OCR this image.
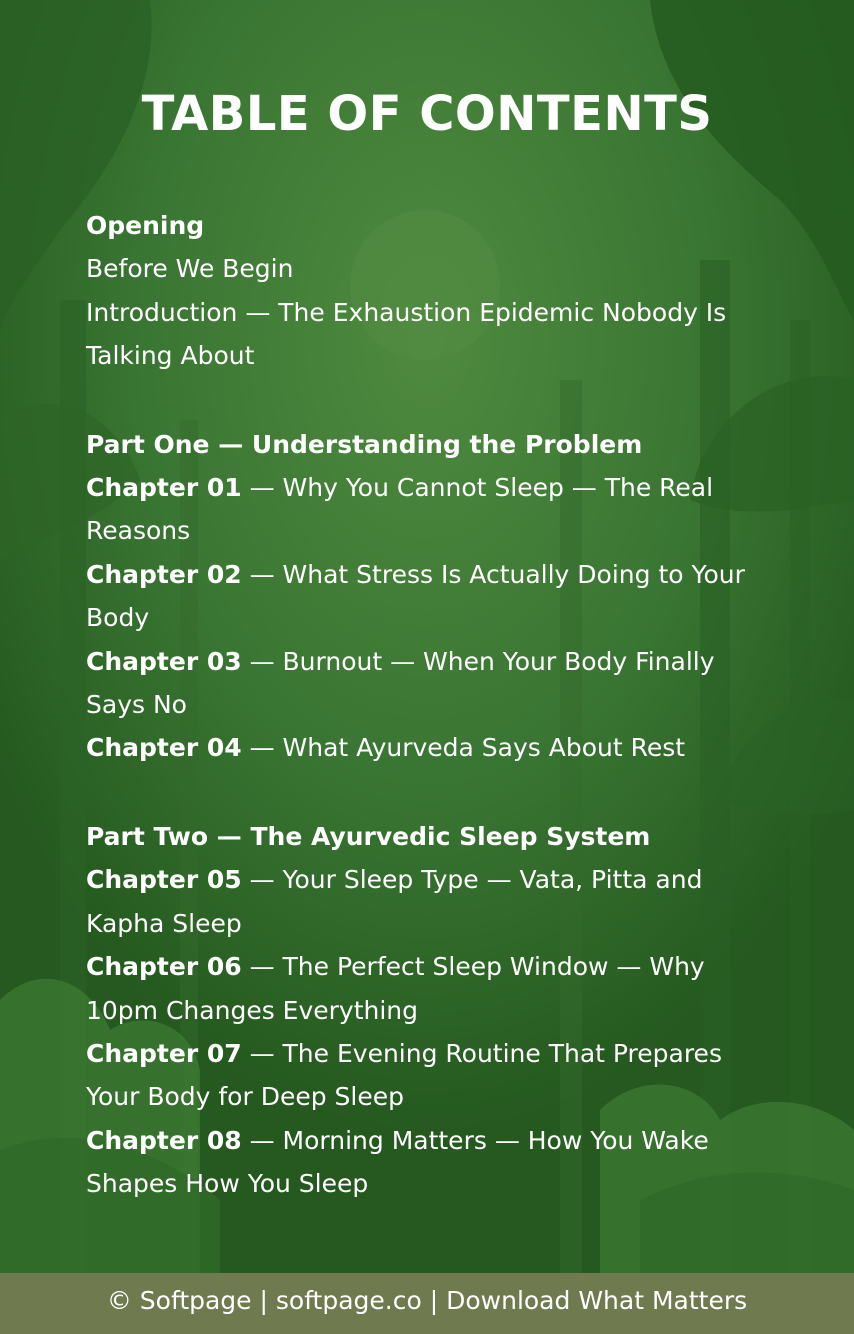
TABLE OF CONTENTS
Opening
Before We Begin
Introduction — The Exhaustion Epidemic Nobody Is Talking About
Part One — Understanding the Problem
Chapter 01 — Why You Cannot Sleep — The Real Reasons
Chapter 02 — What Stress Is Actually Doing to Your Body
Chapter 03 — Burnout — When Your Body Finally Says No
Chapter 04 — What Ayurveda Says About Rest
Part Two — The Ayurvedic Sleep System
Chapter 05 — Your Sleep Type — Vata, Pitta and Kapha Sleep
Chapter 06 — The Perfect Sleep Window — Why 10pm Changes Everything
Chapter 07 — The Evening Routine That Prepares Your Body for Deep Sleep
Chapter 08 — Morning Matters — How You Wake Shapes How You Sleep
© Softpage | softpage.co | Download What Matters
